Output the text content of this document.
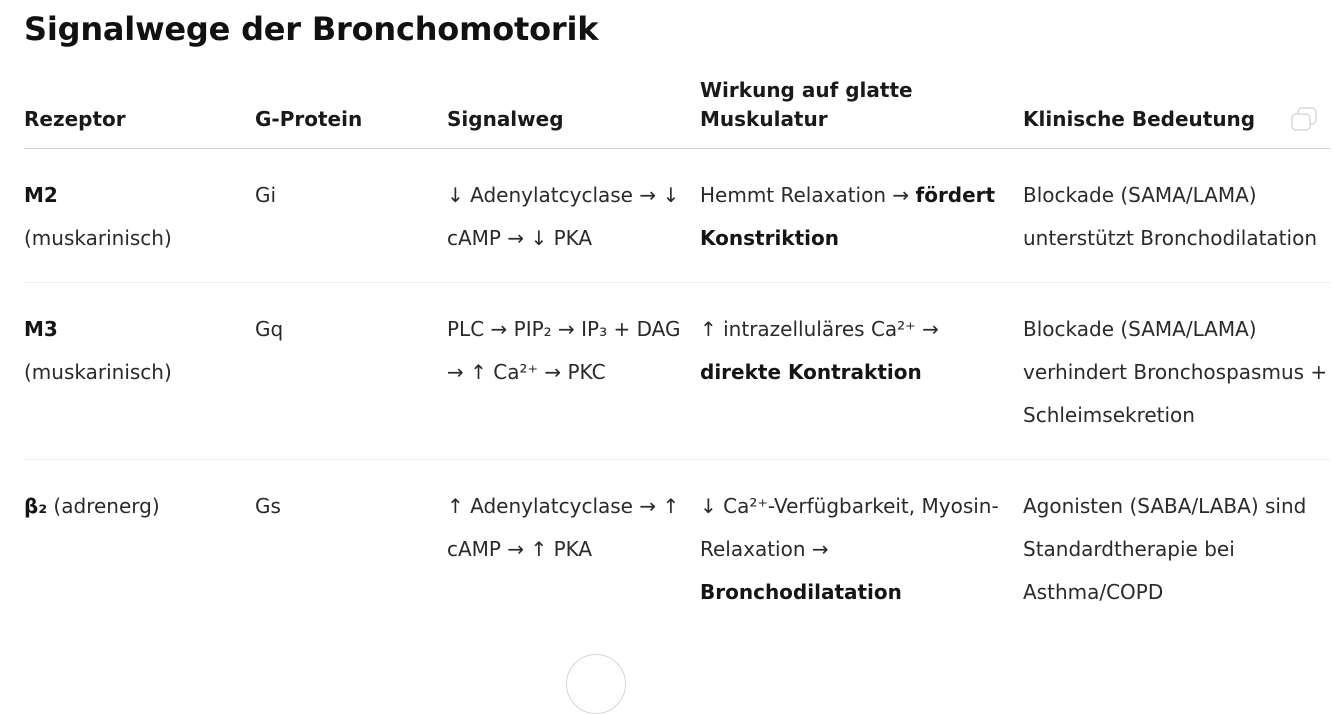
Signalwege der Bronchomotorik
Rezeptor	G-Protein	Signalweg	Wirkung auf glatte Muskulatur	Klinische Bedeutung

M2
(muskarinisch)	Gi	↓ Adenylatcyclase → ↓ cAMP → ↓ PKA	Hemmt Relaxation → fördert Konstriktion	Blockade (SAMA/LAMA) unterstützt Bronchodilatation
M3
(muskarinisch)	Gq	PLC → PIP₂ → IP₃ + DAG → ↑ Ca²⁺ → PKC	↑ intrazelluläres Ca²⁺ → direkte Kontraktion	Blockade (SAMA/LAMA) verhindert Bronchospasmus + Schleimsekretion
β₂ (adrenerg)	Gs	↑ Adenylatcyclase → ↑ cAMP → ↑ PKA	↓ Ca²⁺-Verfügbarkeit, Myosin-Relaxation → Bronchodilatation	Agonisten (SABA/LABA) sind Standardtherapie bei Asthma/COPD
